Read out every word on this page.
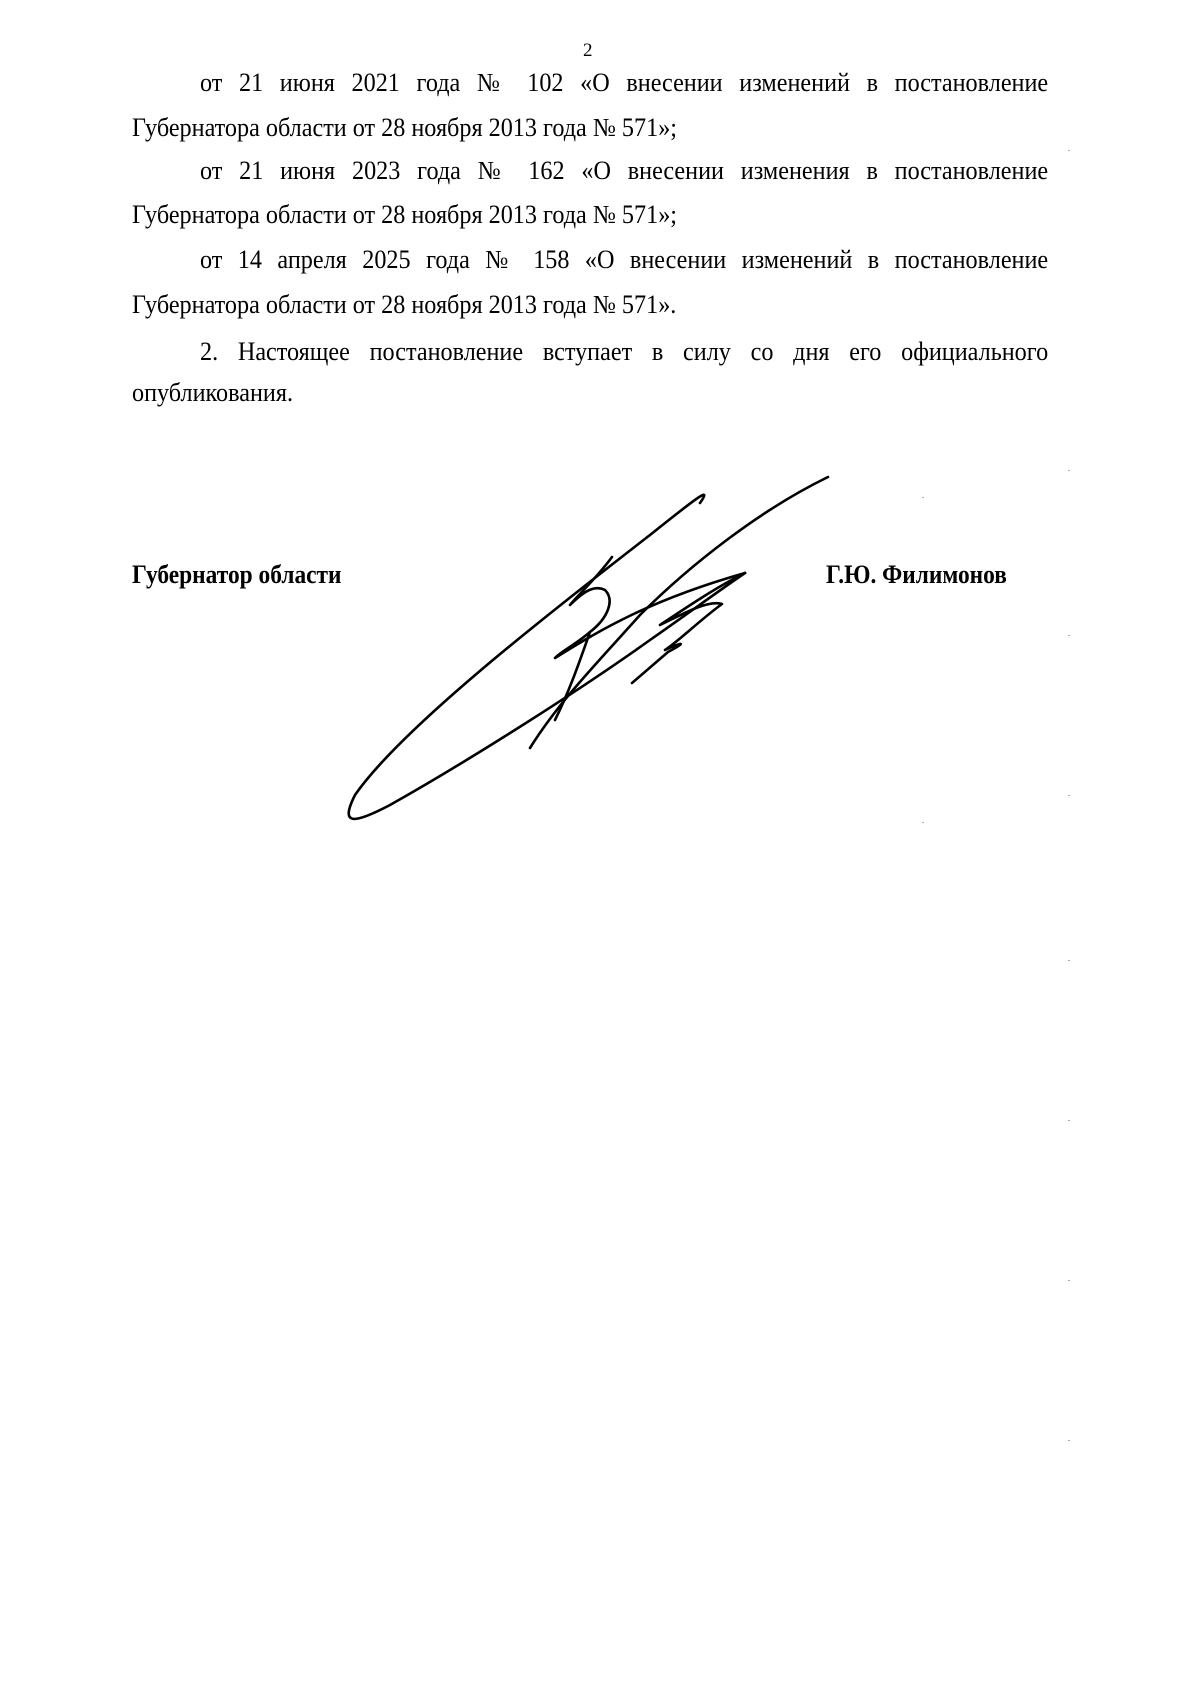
2
от 21 июня 2021 года № 102 «О внесении изменений в постановление
Губернатора области от 28 ноября 2013 года № 571»;
от 21 июня 2023 года № 162 «О внесении изменения в постановление
Губернатора области от 28 ноября 2013 года № 571»;
от 14 апреля 2025 года № 158 «О внесении изменений в постановление
Губернатора области от 28 ноября 2013 года № 571».
2. Настоящее постановление вступает в силу со дня его официального
опубликования.
Губернатор области	Г.Ю. Филимонов
